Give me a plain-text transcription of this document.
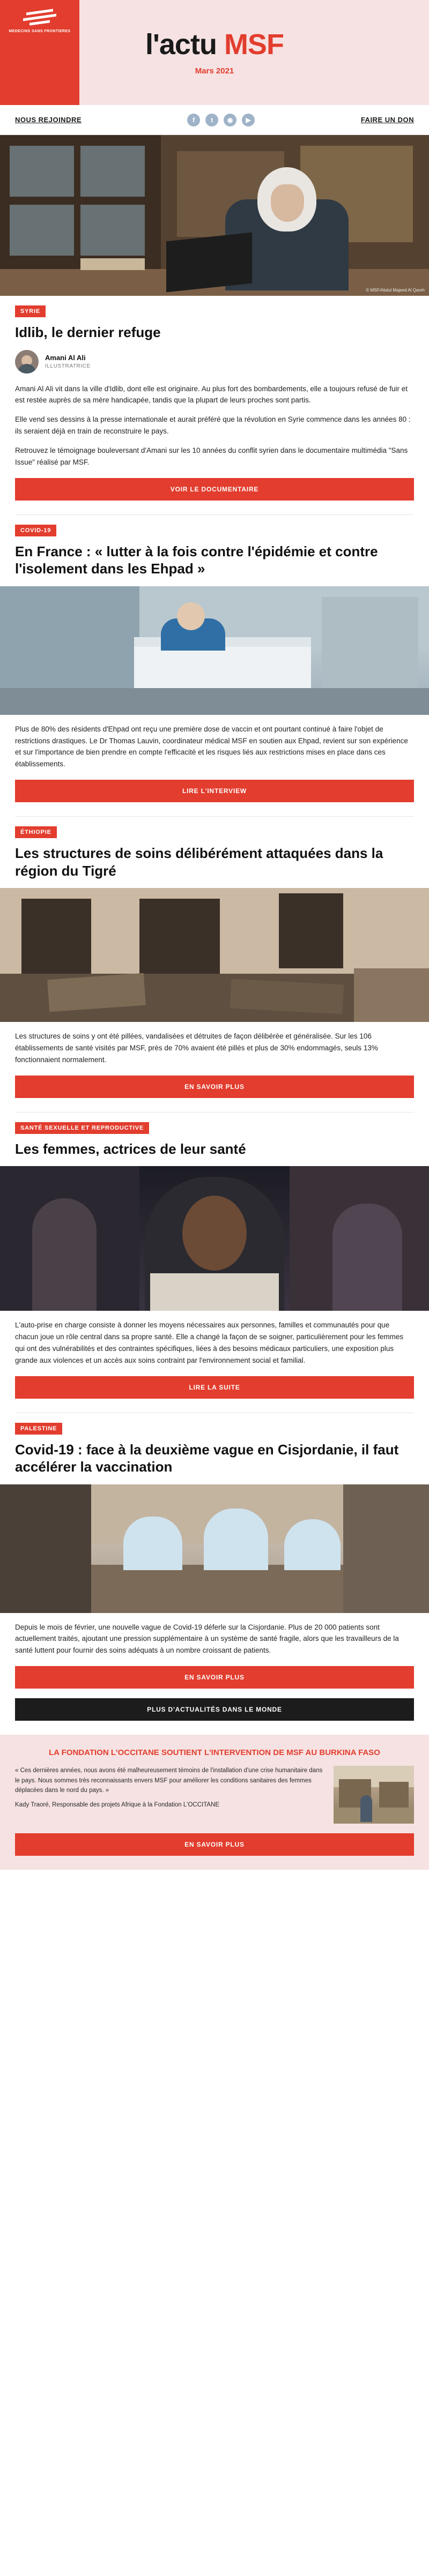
MEDECINS SANS FRONTIERES	l'actu MSF
Mars 2021
NOUS REJOINDRE	f	t	◉	▶	FAIRE UN DON
© MSF/Abdul Majeed Al Qareh
SYRIE
Idlib, le dernier refuge
Amani Al Ali
ILLUSTRATRICE

Amani Al Ali vit dans la ville d'Idlib, dont elle est originaire. Au plus fort des bombardements, elle a toujours refusé de fuir et est restée auprès de sa mère handicapée, tandis que la plupart de leurs proches sont partis.

Elle vend ses dessins à la presse internationale et aurait préféré que la révolution en Syrie commence dans les années 80 : ils seraient déjà en train de reconstruire le pays.

Retrouvez le témoignage bouleversant d'Amani sur les 10 années du conflit syrien dans le documentaire multimédia "Sans Issue" réalisé par MSF.

VOIR LE DOCUMENTAIRE
COVID-19
En France : « lutter à la fois contre l'épidémie et contre l'isolement dans les Ehpad »

Plus de 80% des résidents d'Ehpad ont reçu une première dose de vaccin et ont pourtant continué à faire l'objet de restrictions drastiques. Le Dr Thomas Lauvin, coordinateur médical MSF en soutien aux Ehpad, revient sur son expérience et sur l'importance de bien prendre en compte l'efficacité et les risques liés aux restrictions mises en place dans ces établissements.

LIRE L'INTERVIEW
ÉTHIOPIE
Les structures de soins délibérément attaquées dans la région du Tigré

Les structures de soins y ont été pillées, vandalisées et détruites de façon délibérée et généralisée. Sur les 106 établissements de santé visités par MSF, près de 70% avaient été pillés et plus de 30% endommagés, seuls 13% fonctionnaient normalement.

EN SAVOIR PLUS
SANTÉ SEXUELLE ET REPRODUCTIVE
Les femmes, actrices de leur santé

L'auto-prise en charge consiste à donner les moyens nécessaires aux personnes, familles et communautés pour que chacun joue un rôle central dans sa propre santé. Elle a changé la façon de se soigner, particulièrement pour les femmes qui ont des vulnérabilités et des contraintes spécifiques, liées à des besoins médicaux particuliers, une exposition plus grande aux violences et un accès aux soins contraint par l'environnement social et familial.

LIRE LA SUITE
PALESTINE
Covid-19 : face à la deuxième vague en Cisjordanie, il faut accélérer la vaccination

Depuis le mois de février, une nouvelle vague de Covid-19 déferle sur la Cisjordanie. Plus de 20 000 patients sont actuellement traités, ajoutant une pression supplémentaire à un système de santé fragile, alors que les travailleurs de la santé luttent pour fournir des soins adéquats à un nombre croissant de patients.

EN SAVOIR PLUS
PLUS D'ACTUALITÉS DANS LE MONDE
LA FONDATION L'OCCITANE SOUTIENT L'INTERVENTION DE MSF AU BURKINA FASO
« Ces dernières années, nous avons été malheureusement témoins de l'installation d'une crise humanitaire dans le pays. Nous sommes très reconnaissants envers MSF pour améliorer les conditions sanitaires des femmes déplacées dans le nord du pays. »
Kady Traoré, Responsable des projets Afrique à la Fondation L'OCCITANE
EN SAVOIR PLUS
